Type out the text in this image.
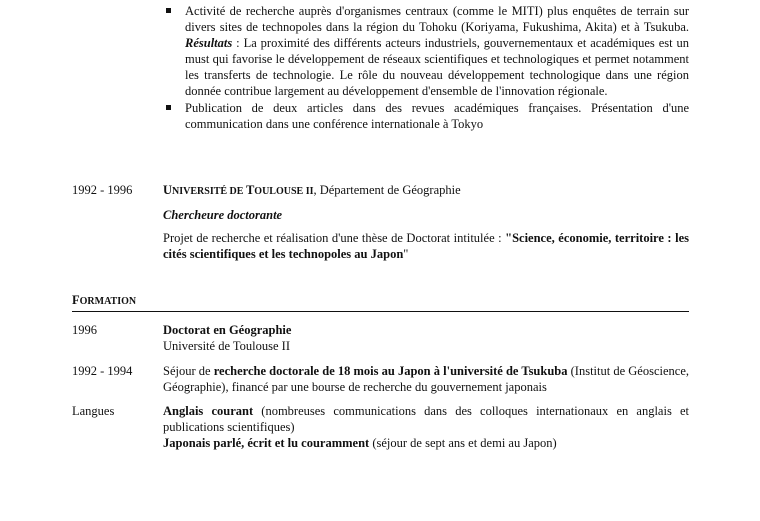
Activité de recherche auprès d'organismes centraux (comme le MITI) plus enquêtes de terrain sur divers sites de technopoles dans la région du Tohoku (Koriyama, Fukushima, Akita) et à Tsukuba. Résultats : La proximité des différents acteurs industriels, gouvernementaux et académiques est un must qui favorise le développement de réseaux scientifiques et technologiques et permet notamment les transferts de technologie. Le rôle du nouveau développement technologique dans une région donnée contribue largement au développement d'ensemble de l'innovation régionale.
Publication de deux articles dans des revues académiques françaises. Présentation d'une communication dans une conférence internationale à Tokyo
1992 - 1996	UNIVERSITÉ DE TOULOUSE II, Département de Géographie
Chercheure doctorante
Projet de recherche et réalisation d'une thèse de Doctorat intitulée : "Science, économie, territoire : les cités scientifiques et les technopoles au Japon"
FORMATION
1996	Doctorat en Géographie
Université de Toulouse II
1992 - 1994	Séjour de recherche doctorale de 18 mois au Japon à l'université de Tsukuba (Institut de Géoscience, Géographie), financé par une bourse de recherche du gouvernement japonais
Langues	Anglais courant (nombreuses communications dans des colloques internationaux en anglais et publications scientifiques)
Japonais parlé, écrit et lu couramment (séjour de sept ans et demi au Japon)
